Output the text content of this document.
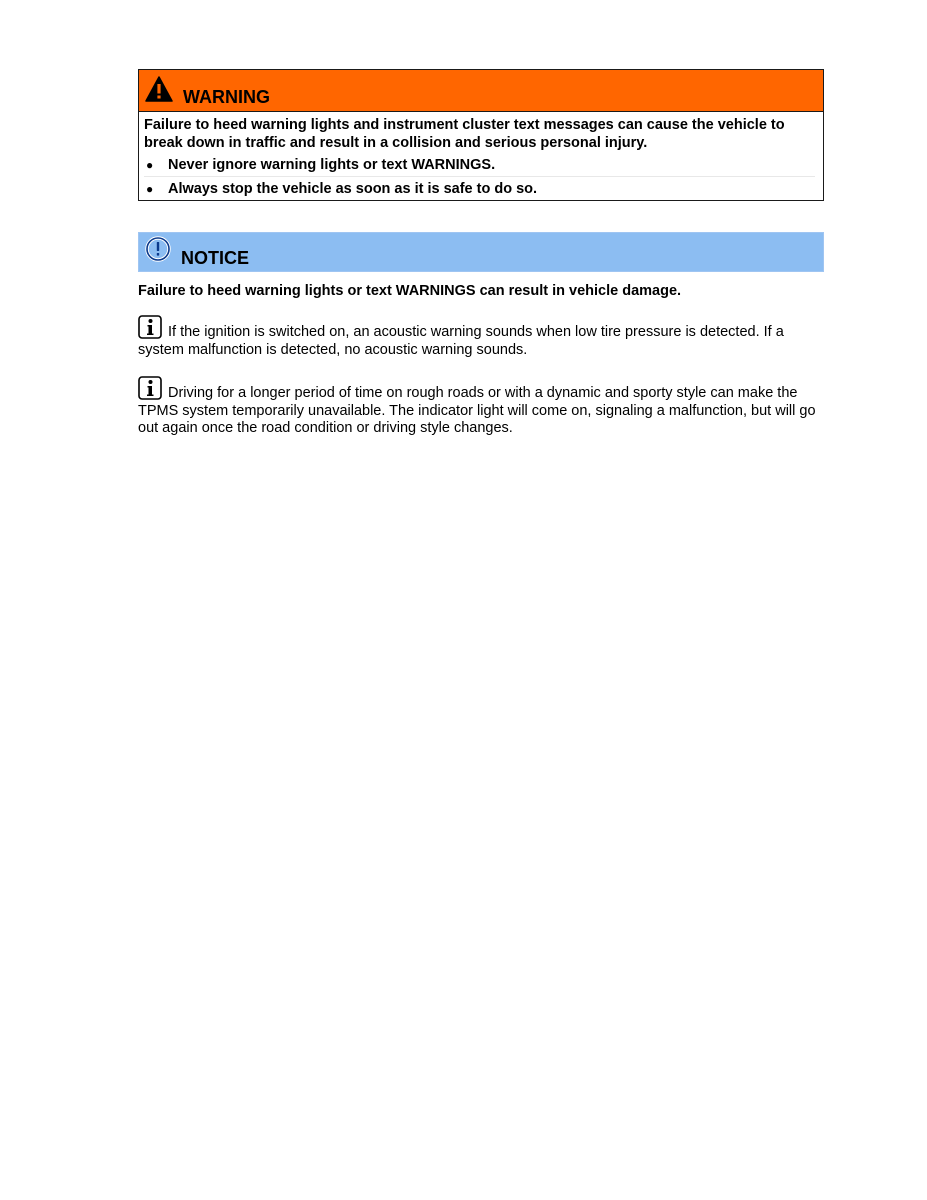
WARNING

Failure to heed warning lights and instrument cluster text messages can cause the vehicle to break down in traffic and result in a collision and serious personal injury.

●	Never ignore warning lights or text WARNINGS.
●	Always stop the vehicle as soon as it is safe to do so.
NOTICE

Failure to heed warning lights or text WARNINGS can result in vehicle damage.

If the ignition is switched on, an acoustic warning sounds when low tire pressure is detected. If a system malfunction is detected, no acoustic warning sounds.

Driving for a longer period of time on rough roads or with a dynamic and sporty style can make the TPMS system temporarily unavailable. The indicator light will come on, signaling a malfunction, but will go out again once the road condition or driving style changes.
